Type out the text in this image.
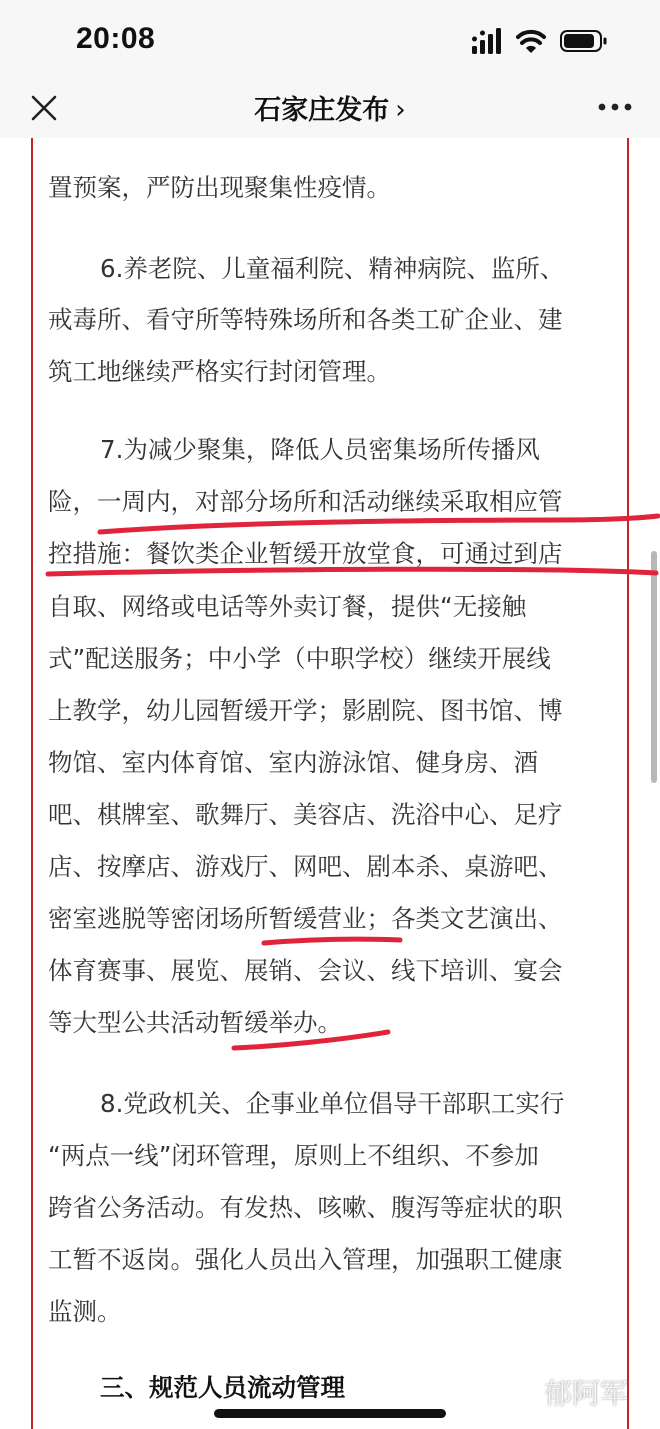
20:08
石家庄发布 ›
置预案，严防出现聚集性疫情。
6.养老院、儿童福利院、精神病院、监所、
戒毒所、看守所等特殊场所和各类工矿企业、建
筑工地继续严格实行封闭管理。
7.为减少聚集，降低人员密集场所传播风
险，一周内，对部分场所和活动继续采取相应管
控措施：餐饮类企业暂缓开放堂食，可通过到店
自取、网络或电话等外卖订餐，提供“无接触
式”配送服务；中小学（中职学校）继续开展线
上教学，幼儿园暂缓开学；影剧院、图书馆、博
物馆、室内体育馆、室内游泳馆、健身房、酒
吧、棋牌室、歌舞厅、美容店、洗浴中心、足疗
店、按摩店、游戏厅、网吧、剧本杀、桌游吧、
密室逃脱等密闭场所暂缓营业；各类文艺演出、
体育赛事、展览、展销、会议、线下培训、宴会
等大型公共活动暂缓举办。
8.党政机关、企事业单位倡导干部职工实行
“两点一线”闭环管理，原则上不组织、不参加
跨省公务活动。有发热、咳嗽、腹泻等症状的职
工暂不返岗。强化人员出入管理，加强职工健康
监测。
三、规范人员流动管理	郁阿军
